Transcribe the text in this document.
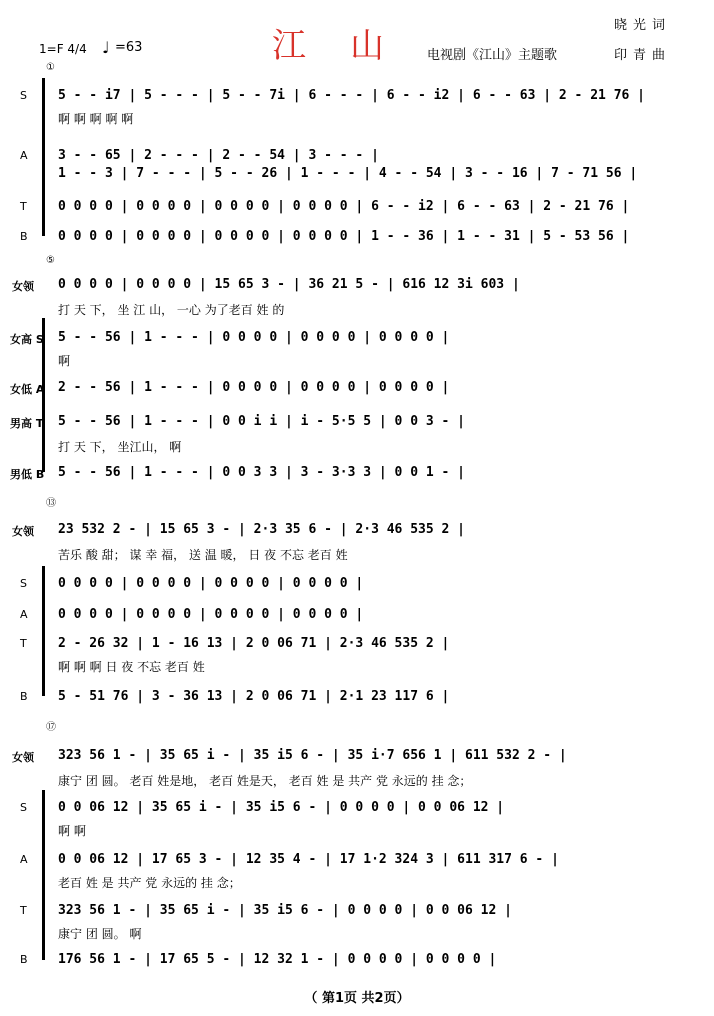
江山 电视剧《江山》主题歌
晓光词
印青曲
1=F 4/4 ♩ =63
①
S 5 - - i7 | 5 - - - | 5 - - 7i | 6 - - - | 6 - - i2 | 6 - - 63 | 2 - 21 76 |
啊 啊 啊 啊 啊
A 3 - - 65 | 2 - - - | 2 - - 54 | 3 - - - |
1 - - 3 | 7 - - - | 5 - - 26 | 1 - - - | 4 - - 54 | 3 - - 16 | 7 - 71 56 |
T 0 0 0 0 | 0 0 0 0 | 0 0 0 0 | 0 0 0 0 | 6 - - i2 | 6 - - 63 | 2 - 21 76 |
B 0 0 0 0 | 0 0 0 0 | 0 0 0 0 | 0 0 0 0 | 1 - - 36 | 1 - - 31 | 5 - 53 56 |
⑤
女领 0 0 0 0 | 0 0 0 0 | 15 65 3 - | 36 21 5 - | 616 12 3i 603 |
打 天 下， 坐 江 山， 一心 为了老百 姓 的
女高 S 5 - - 56 | 1 - - - | 0 0 0 0 | 0 0 0 0 | 0 0 0 0 |
啊
女低 A 2 - - 56 | 1 - - - | 0 0 0 0 | 0 0 0 0 | 0 0 0 0 |
男高 T 5 - - 56 | 1 - - - | 0 0 i i | i - 5·5 5 | 0 0 3 - |
打 天 下， 坐江山， 啊
男低 B 5 - - 56 | 1 - - - | 0 0 3 3 | 3 - 3·3 3 | 0 0 1 - |
⑬
女领 23 532 2 - | 15 65 3 - | 2·3 35 6 - | 2·3 46 535 2 |
苦乐 酸 甜； 谋 幸 福， 送 温 暖， 日 夜 不忘 老百 姓
S 0 0 0 0 | 0 0 0 0 | 0 0 0 0 | 0 0 0 0 |
A 0 0 0 0 | 0 0 0 0 | 0 0 0 0 | 0 0 0 0 |
T 2 - 26 32 | 1 - 16 13 | 2 0 06 71 | 2·3 46 535 2 |
啊 啊 啊 日 夜 不忘 老百 姓
B 5 - 51 76 | 3 - 36 13 | 2 0 06 71 | 2·1 23 117 6 |
⑰
女领 323 56 1 - | 35 65 i - | 35 i5 6 - | 35 i·7 656 1 | 611 532 2 - |
康宁 团 圆。 老百 姓是地， 老百 姓是天， 老百 姓 是 共产 党 永远的 挂 念；
S 0 0 06 12 | 35 65 i - | 35 i5 6 - | 0 0 0 0 | 0 0 06 12 |
啊 啊
A 0 0 06 12 | 17 65 3 - | 12 35 4 - | 17 1·2 324 3 | 611 317 6 - |
老百 姓 是 共产 党 永远的 挂 念；
T 323 56 1 - | 35 65 i - | 35 i5 6 - | 0 0 0 0 | 0 0 06 12 |
康宁 团 圆。 啊
B 176 56 1 - | 17 65 5 - | 12 32 1 - | 0 0 0 0 | 0 0 0 0 |
（ 第1页 共2页）
